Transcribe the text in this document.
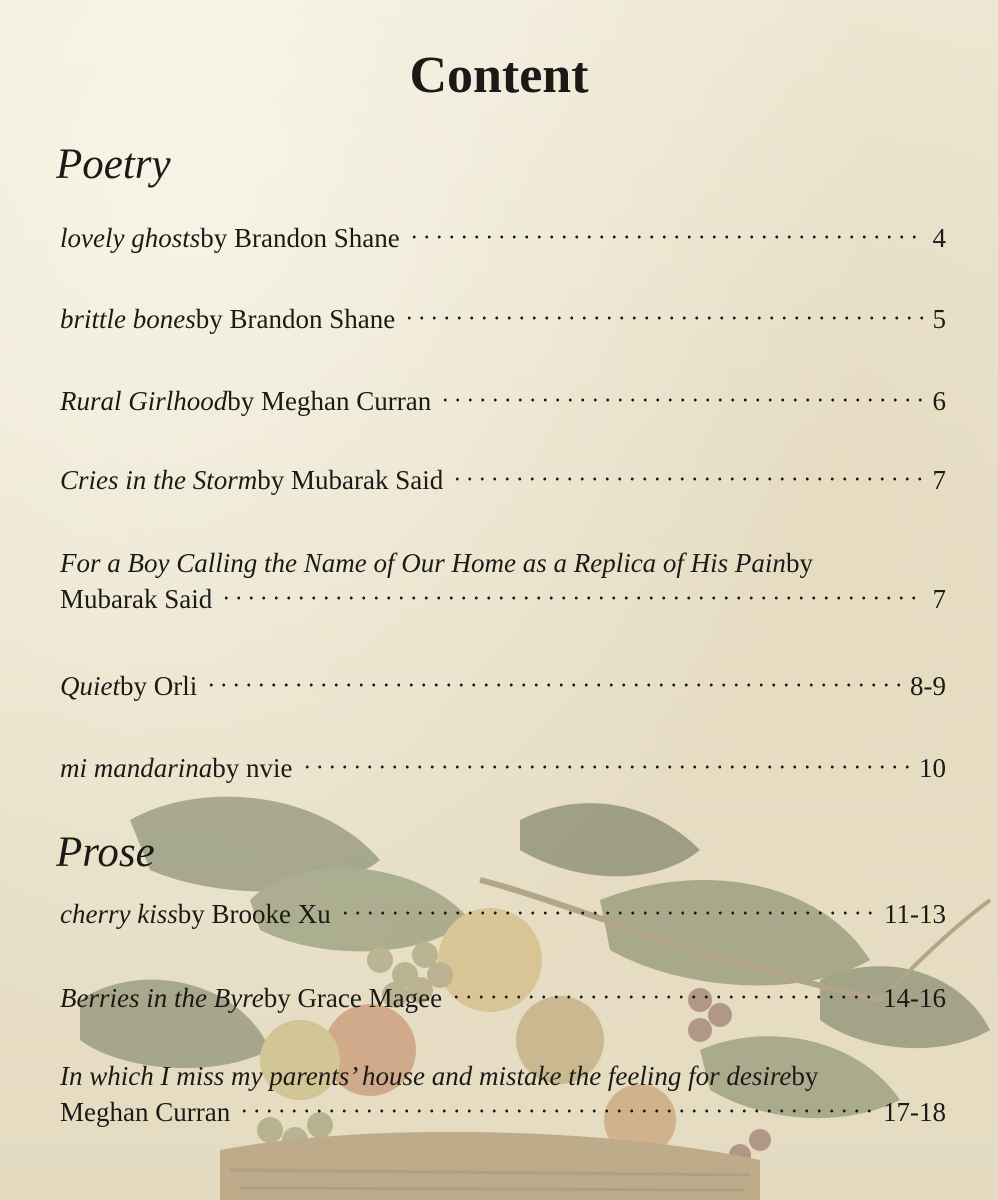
Content
Poetry
lovely ghosts by Brandon Shane	4
brittle bones by Brandon Shane	5
Rural Girlhood by Meghan Curran	6
Cries in the Storm by Mubarak Said	7
For a Boy Calling the Name of Our Home as a Replica of His Pain by
Mubarak Said	7
Quiet by Orli	8-9
mi mandarina by nvie	10
Prose
cherry kiss by Brooke Xu	11-13
Berries in the Byre by Grace Magee	14-16
In which I miss my parents’ house and mistake the feeling for desire by
Meghan Curran	17-18
